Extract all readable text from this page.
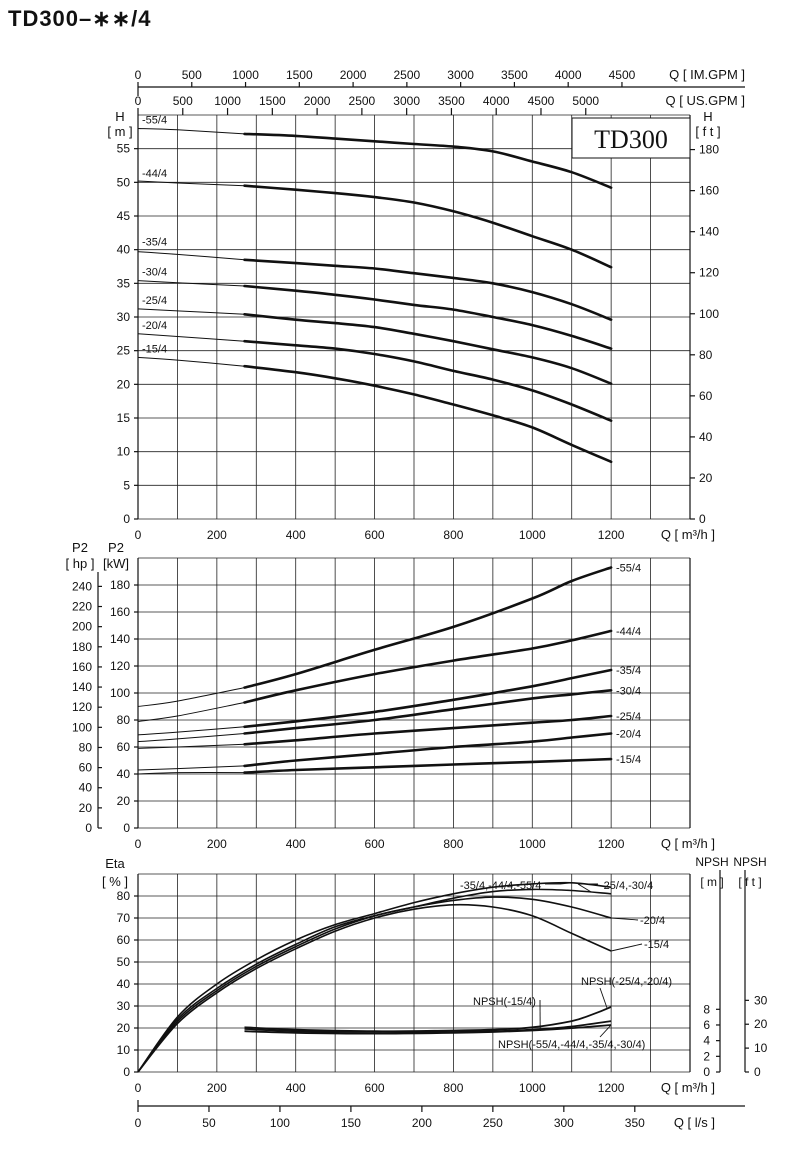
TD300–∗∗/4
0	500	1000 1500 2000 2500 3000 3500 4000 4500	Q [ IM.GPM ]
0	500 1000 1500 2000 2500 3000 3500 4000 4500 5000	Q [ US.GPM ]
0
5
10
15
20
25
30
35
40
45
50
55
0
20
40
60
80
100
120
140
160
180
H
[ m ]
H
[ f t ]
TD300
0	200	400	600	800	1000	1200	Q [ m³/h ]
-55/4
-44/4
-35/4
-30/4
-25/4
-20/4
-15/4
0
20
40
60
80
100
120
140
160
180
0
20
40
60
80
100
120
140
160
180
200
220
240
P2
[ hp ]
P2
[kW]
0	200	400	600	800	1000	1200	Q [ m³/h ]
-55/4
-44/4
-35/4
-30/4
-25/4
-20/4
-15/4
0
10
20
30
40
50
60
70
80
Eta
[ % ]
0
2
4
6
8
0
10
20
30
NPSH
[ m ]
NPSH
[ f t ]
0	200	400	600	800	1000	1200	Q [ m³/h ]
0	50	100	150	200	250	300	350 Q [ l/s ]
-35/4,-44/4,-55/4	-25/4,-30/4
-20/4
-15/4
NPSH(-25/4,-20/4)
NPSH(-15/4)
NPSH(-55/4,-44/4,-35/4,-30/4)
